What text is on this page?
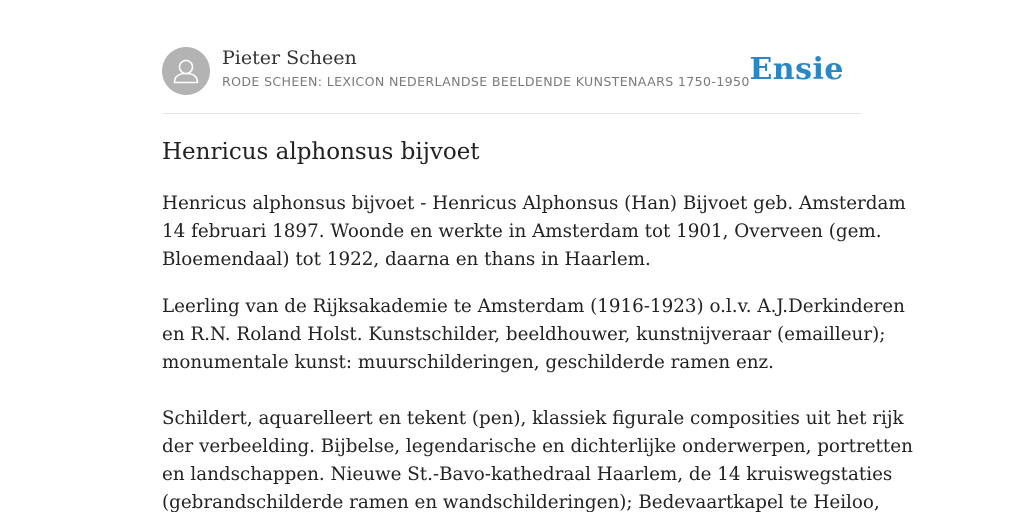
Pieter Scheen
RODE SCHEEN: LEXICON NEDERLANDSE BEELDENDE KUNSTENAARS 1750-1950 Ensie
Henricus alphonsus bijvoet

Henricus alphonsus bijvoet - Henricus Alphonsus (Han) Bijvoet geb. Amsterdam
14 februari 1897. Woonde en werkte in Amsterdam tot 1901, Overveen (gem.
Bloemendaal) tot 1922, daarna en thans in Haarlem.

Leerling van de Rijksakademie te Amsterdam (1916-1923) o.l.v. A.J.Derkinderen
en R.N. Roland Holst. Kunstschilder, beeldhouwer, kunstnijveraar (emailleur);
monumentale kunst: muurschilderingen, geschilderde ramen enz.

Schildert, aquarelleert en tekent (pen), klassiek figurale composities uit het rijk
der verbeelding. Bijbelse, legendarische en dichterlijke onderwerpen, portretten
en landschappen. Nieuwe St.-Bavo-kathedraal Haarlem, de 14 kruiswegstaties
(gebrandschilderde ramen en wandschilderingen); Bedevaartkapel te Heiloo,
